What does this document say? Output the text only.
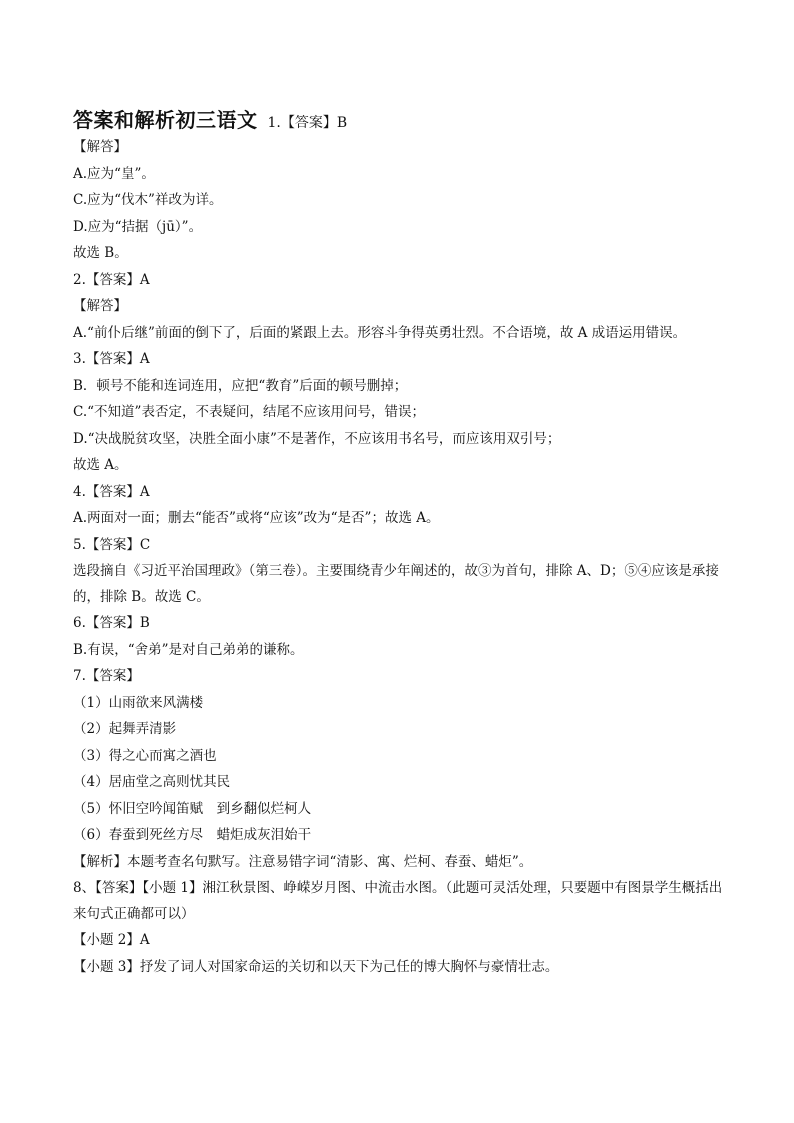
答案和解析初三语文 1.【答案】B
【解答】
A.应为“皇”。
C.应为“伐木”祥改为详。
D.应为“拮据（jū）”。
故选 B。
2.【答案】A
【解答】
A.“前仆后继”前面的倒下了，后面的紧跟上去。形容斗争得英勇壮烈。不合语境，故 A 成语运用错误。
3.【答案】A
B．顿号不能和连词连用，应把“教育”后面的顿号删掉；
C.“不知道”表否定，不表疑问，结尾不应该用问号，错误；
D.“决战脱贫攻坚，决胜全面小康”不是著作，不应该用书名号，而应该用双引号；
故选 A。
4.【答案】A
A.两面对一面；删去“能否”或将“应该”改为“是否”；故选 A。
5.【答案】C
选段摘自《习近平治国理政》（第三卷）。主要围绕青少年阐述的，故③为首句，排除 A、D；⑤④应该是承接的，排除 B。故选 C。
6.【答案】B
B.有误，“舍弟”是对自己弟弟的谦称。
7.【答案】
（1）山雨欲来风满楼
（2）起舞弄清影
（3）得之心而寓之酒也
（4）居庙堂之高则忧其民
（5）怀旧空吟闻笛赋　到乡翻似烂柯人
（6）春蚕到死丝方尽　蜡炬成灰泪始干
【解析】本题考查名句默写。注意易错字词“清影、寓、烂柯、春蚕、蜡炬”。
8、【答案】【小题 1】湘江秋景图、峥嵘岁月图、中流击水图。（此题可灵活处理，只要题中有图景学生概括出来句式正确都可以）
【小题 2】A
【小题 3】抒发了词人对国家命运的关切和以天下为己任的博大胸怀与豪情壮志。
